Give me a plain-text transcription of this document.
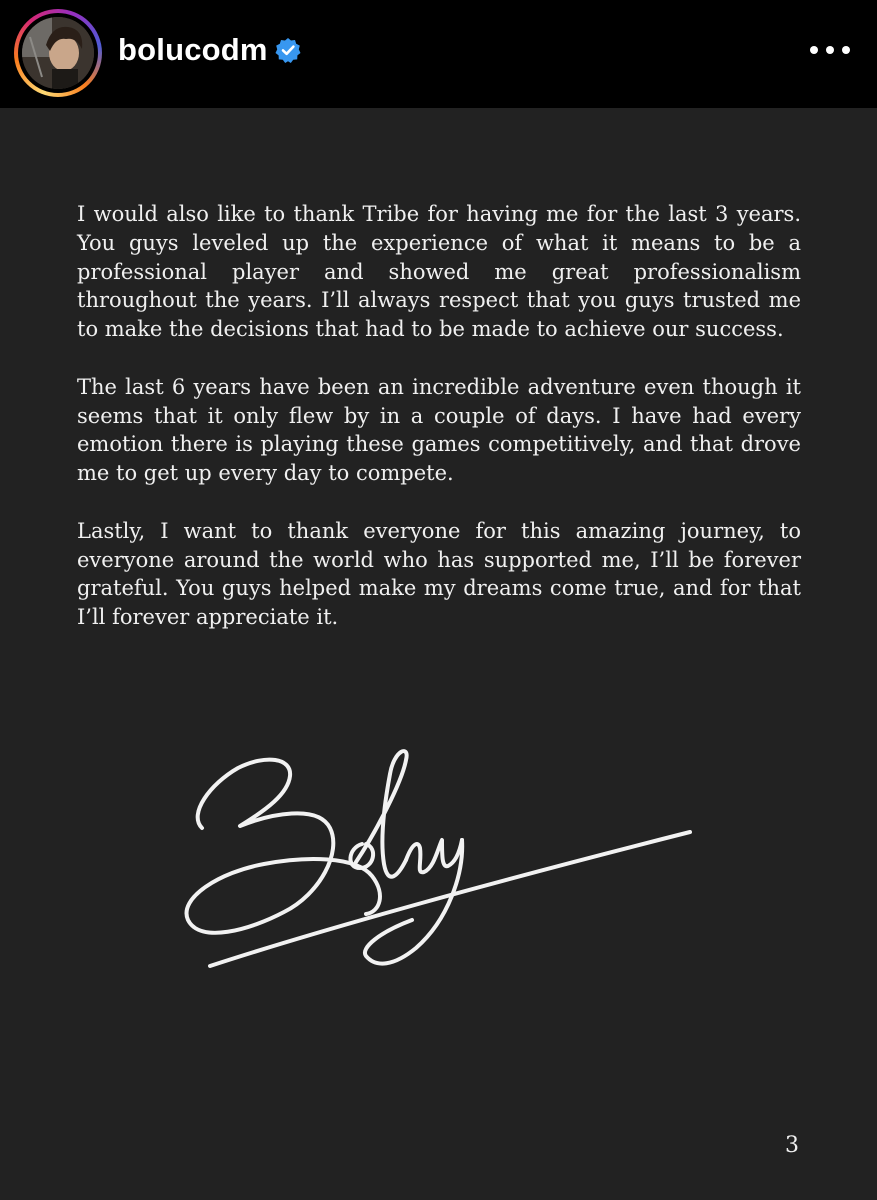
bolucodm

I would also like to thank Tribe for having me for the last 3 years. You guys leveled up the experience of what it means to be a professional player and showed me great professionalism throughout the years. I’ll always respect that you guys trusted me to make the decisions that had to be made to achieve our success.

The last 6 years have been an incredible adventure even though it seems that it only flew by in a couple of days. I have had every emotion there is playing these games competitively, and that drove me to get up every day to compete.

Lastly, I want to thank everyone for this amazing journey, to everyone around the world who has supported me, I’ll be forever grateful. You guys helped make my dreams come true, and for that I’ll forever appreciate it.

3
